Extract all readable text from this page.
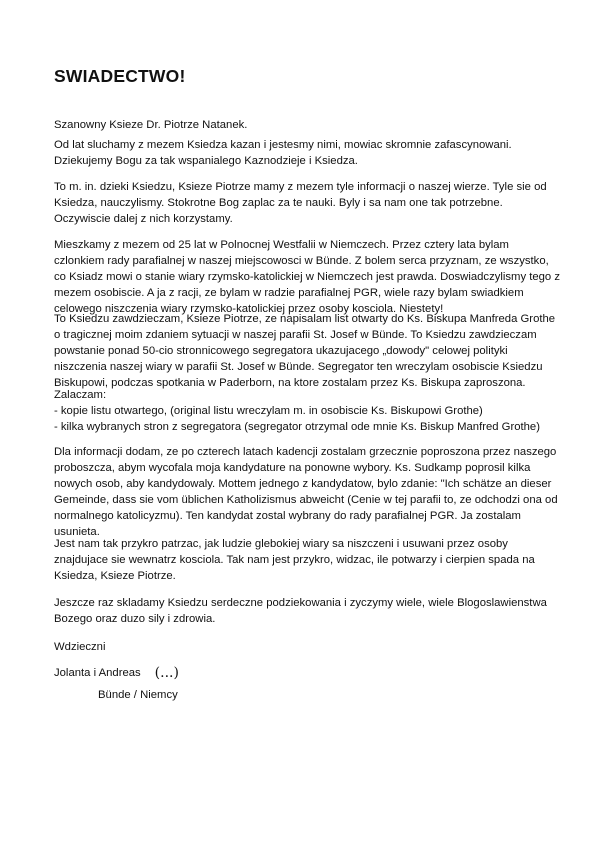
SWIADECTWO!
Szanowny Ksieze Dr. Piotrze Natanek.
Od lat sluchamy z mezem Ksiedza kazan i jestesmy nimi, mowiac skromnie zafascynowani.
Dziekujemy Bogu za tak wspanialego Kaznodzieje i Ksiedza.
To m. in. dzieki Ksiedzu, Ksieze Piotrze mamy z mezem tyle informacji o naszej wierze. Tyle sie od
Ksiedza, nauczylismy. Stokrotne Bog zaplac za te nauki. Byly i sa nam one tak potrzebne.
Oczywiscie dalej z nich korzystamy.
Mieszkamy z mezem od 25 lat w Polnocnej Westfalii w Niemczech. Przez cztery lata bylam
czlonkiem rady parafialnej w naszej miejscowosci w Bünde. Z bolem serca przyznam, ze wszystko,
co Ksiadz mowi o stanie wiary rzymsko-katolickiej w Niemczech jest prawda. Doswiadczylismy tego z
mezem osobiscie. A ja z racji, ze bylam w radzie parafialnej PGR, wiele razy bylam swiadkiem
celowego niszczenia wiary rzymsko-katolickiej przez osoby kosciola. Niestety!
To Ksiedzu zawdzieczam, Ksieze Piotrze, ze napisalam list otwarty do Ks. Biskupa Manfreda Grothe
o tragicznej moim zdaniem sytuacji w naszej parafii St. Josef w Bünde. To Ksiedzu zawdzieczam
powstanie ponad 50-cio stronnicowego segregatora ukazujacego „dowody" celowej polityki
niszczenia naszej wiary w parafii St. Josef w Bünde. Segregator ten wreczylam osobiscie Ksiedzu
Biskupowi, podczas spotkania w Paderborn, na ktore zostalam przez Ks. Biskupa zaproszona.
Zalaczam:
- kopie listu otwartego, (original listu wreczylam m. in osobiscie Ks. Biskupowi Grothe)
- kilka wybranych stron z segregatora (segregator otrzymal ode mnie Ks. Biskup Manfred Grothe)
Dla informacji dodam, ze po czterech latach kadencji zostalam grzecznie poproszona przez naszego
proboszcza, abym wycofala moja kandydature na ponowne wybory. Ks. Sudkamp poprosil kilka
nowych osob, aby kandydowaly. Mottem jednego z kandydatow, bylo zdanie: "Ich schätze an dieser
Gemeinde, dass sie vom üblichen Katholizismus abweicht (Cenie w tej parafii to, ze odchodzi ona od
normalnego katolicyzmu). Ten kandydat zostal wybrany do rady parafialnej PGR. Ja zostalam
usunieta.
Jest nam tak przykro patrzac, jak ludzie glebokiej wiary sa niszczeni i usuwani przez osoby
znajdujace sie wewnatrz kosciola. Tak nam jest przykro, widzac, ile potwarzy i cierpien spada na
Ksiedza, Ksieze Piotrze.
Jeszcze raz skladamy Ksiedzu serdeczne podziekowania i zyczymy wiele, wiele Blogoslawienstwa
Bozego oraz duzo sily i zdrowia.
Wdzieczni
Jolanta i Andreas (...)
Bünde / Niemcy
